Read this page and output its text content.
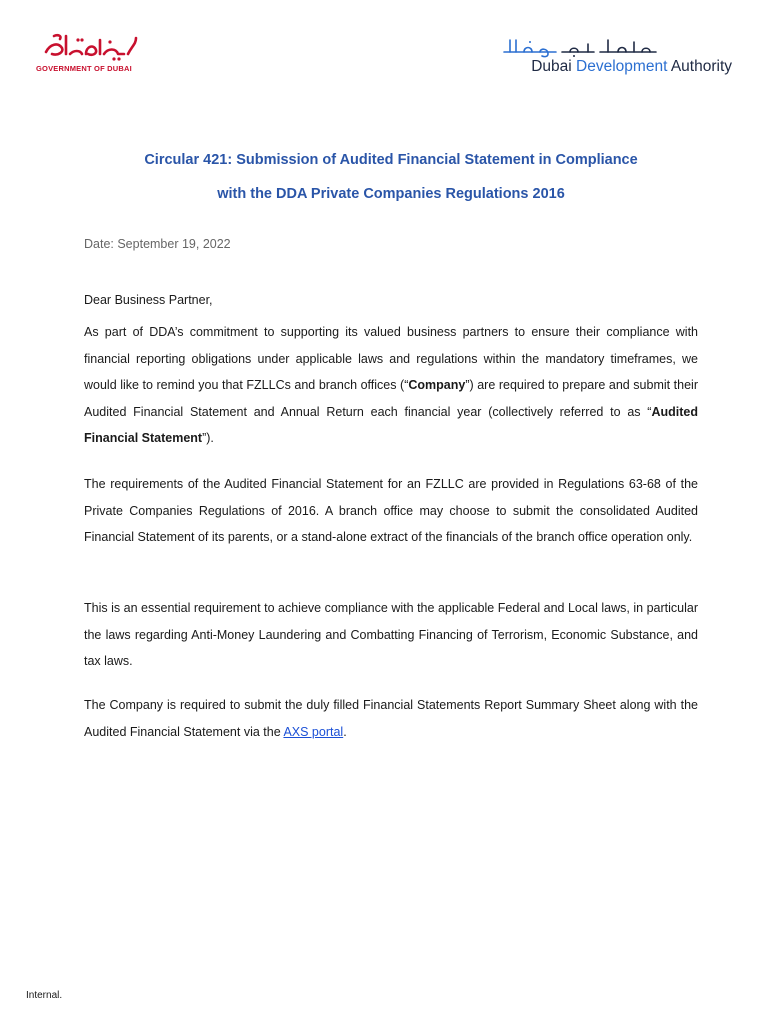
GOVERNMENT OF DUBAI	Dubai Development Authority
Circular 421: Submission of Audited Financial Statement in Compliance
with the DDA Private Companies Regulations 2016
Date: September 19, 2022
Dear Business Partner,
As part of DDA’s commitment to supporting its valued business partners to ensure their compliance with financial reporting obligations under applicable laws and regulations within the mandatory timeframes, we would like to remind you that FZLLCs and branch offices (“Company”) are required to prepare and submit their Audited Financial Statement and Annual Return each financial year (collectively referred to as “Audited Financial Statement”).
The requirements of the Audited Financial Statement for an FZLLC are provided in Regulations 63-68 of the Private Companies Regulations of 2016. A branch office may choose to submit the consolidated Audited Financial Statement of its parents, or a stand-alone extract of the financials of the branch office operation only.
This is an essential requirement to achieve compliance with the applicable Federal and Local laws, in particular the laws regarding Anti-Money Laundering and Combatting Financing of Terrorism, Economic Substance, and tax laws.
The Company is required to submit the duly filled Financial Statements Report Summary Sheet along with the Audited Financial Statement via the AXS portal.
Internal.
